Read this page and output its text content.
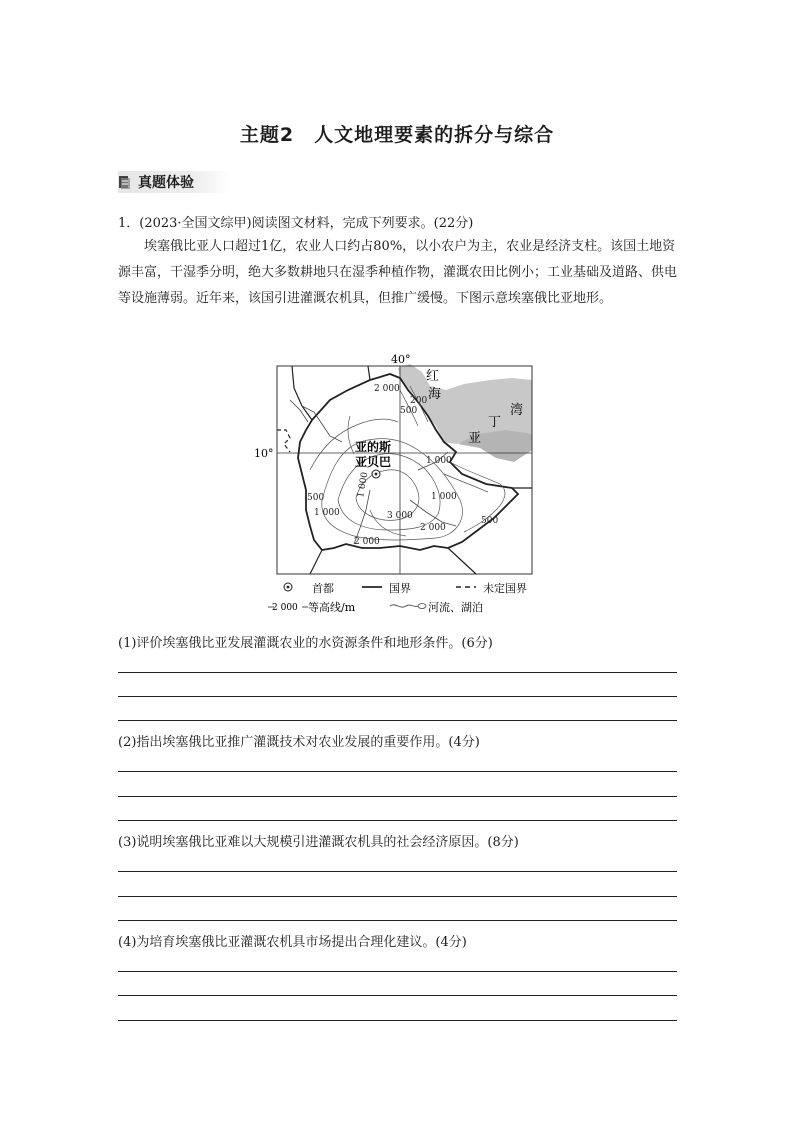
主题2　人文地理要素的拆分与综合
真题体验
1．(2023·全国文综甲)阅读图文材料，完成下列要求。(22分)
埃塞俄比亚人口超过1亿，农业人口约占80%，以小农户为主，农业是经济支柱。该国土地资源丰富，干湿季分明，绝大多数耕地只在湿季种植作物，灌溉农田比例小；工业基础及道路、供电等设施薄弱。近年来，该国引进灌溉农机具，但推广缓慢。下图示意埃塞俄比亚地形。
40°
10°
红
海
亚
丁
湾
2 000
200
500
1 000
500
1 000
1 000
2 000
3 000
1 000
2 000
500
亚的斯
亚贝巴
首都	国界	未定国界
2 000 等高线/m	河流、湖泊
(1)评价埃塞俄比亚发展灌溉农业的水资源条件和地形条件。(6分)
(2)指出埃塞俄比亚推广灌溉技术对农业发展的重要作用。(4分)
(3)说明埃塞俄比亚难以大规模引进灌溉农机具的社会经济原因。(8分)
(4)为培育埃塞俄比亚灌溉农机具市场提出合理化建议。(4分)
